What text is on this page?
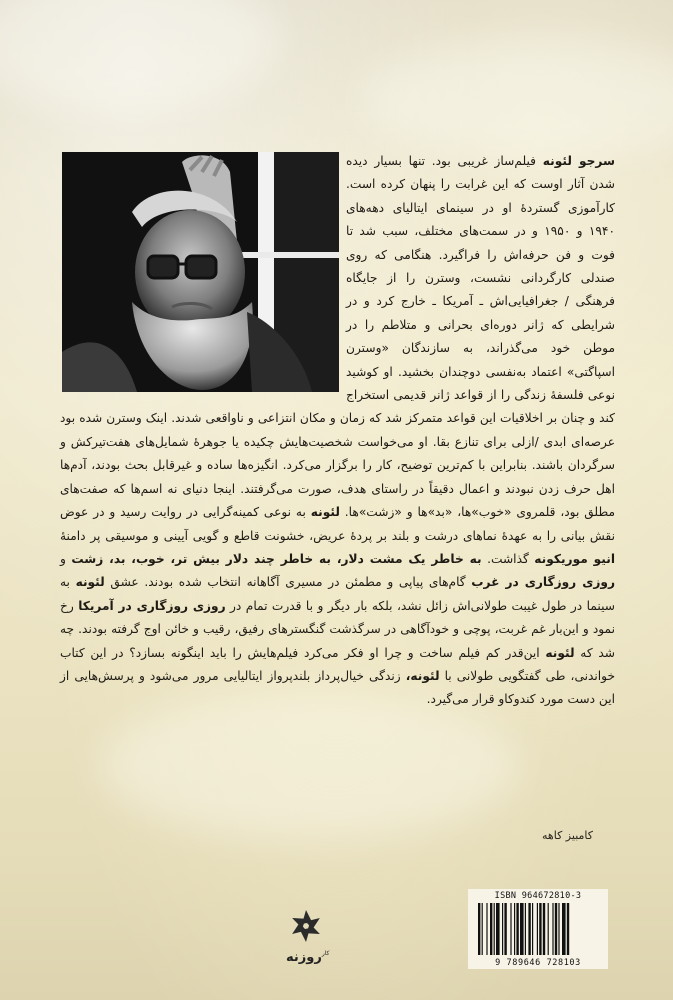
سرجو لئونه فیلم‌ساز غریبی بود. تنها بسیار دیده شدن آثار اوست که این غرابت را پنهان کرده است. کارآموزی گستردهٔ او در سینمای ایتالیای دهه‌های ۱۹۴۰ و ۱۹۵۰ و در سمت‌های مختلف، سبب شد تا فوت و فن حرفه‌اش را فراگیرد. هنگامی که روی صندلی کارگردانی نشست، وسترن را از جایگاه فرهنگی / جغرافیایی‌اش ـ آمریکا ـ خارج کرد و در شرایطی که ژانر دوره‌ای بحرانی و متلاطم را در موطن خود می‌گذراند، به سازندگان «وسترن اسپاگتی» اعتماد به‌نفسی دوچندان بخشید. او کوشید نوعی فلسفهٔ زندگی را از قواعد ژانر قدیمی استخراج کند و چنان بر اخلاقیات این قواعد متمرکز شد که زمان و مکان انتزاعی و ناواقعی شدند. اینک وسترن شده بود عرصه‌ای ابدی /ازلی برای تنازع بقا. او می‌خواست شخصیت‌هایش چکیده یا جوهرهٔ شمایل‌های هفت‌تیرکش و سرگردان باشند. بنابراین با کم‌ترین توضیح، کار را برگزار می‌کرد. انگیزه‌ها ساده و غیرقابل بحث بودند، آدم‌ها اهل حرف زدن نبودند و اعمال دقیقاً در راستای هدف، صورت می‌گرفتند. اینجا دنیای نه اسم‌ها که صفت‌های مطلق بود، قلمروی «خوب»ها، «بد»ها و «زشت»ها. لئونه به نوعی کمینه‌گرایی در روایت رسید و در عوض نقش بیانی را به عهدهٔ نماهای درشت و بلند بر پردهٔ عریض، خشونت قاطع و گویی آیینی و موسیقی پر دامنهٔ انیو موریکونه گذاشت. به خاطر یک مشت دلار، به خاطر چند دلار بیش تر، خوب، بد، زشت و روزی روزگاری در غرب گام‌های پیاپی و مطمئن در مسیری آگاهانه انتخاب شده بودند. عشق لئونه به سینما در طول غیبت طولانی‌اش زائل نشد، بلکه بار دیگر و با قدرت تمام در روزی روزگاری در آمریکا رخ نمود و این‌بار غم غربت، پوچی و خودآگاهی در سرگذشت گنگسترهای رفیق، رقیب و خائن اوج گرفته بودند. چه شد که لئونه این‌قدر کم فیلم ساخت و چرا او فکر می‌کرد فیلم‌هایش را باید اینگونه بسازد؟ در این کتاب خواندنی، طی گفتگویی طولانی با لئونه، زندگی خیال‌پرداز بلندپرواز ایتالیایی مرور می‌شود و پرسش‌هایی از این دست مورد کندوکاو قرار می‌گیرد.

کامبیز کاهه
$^{کار}$روزنه
ISBN 964672810-3
9 789646 728103
